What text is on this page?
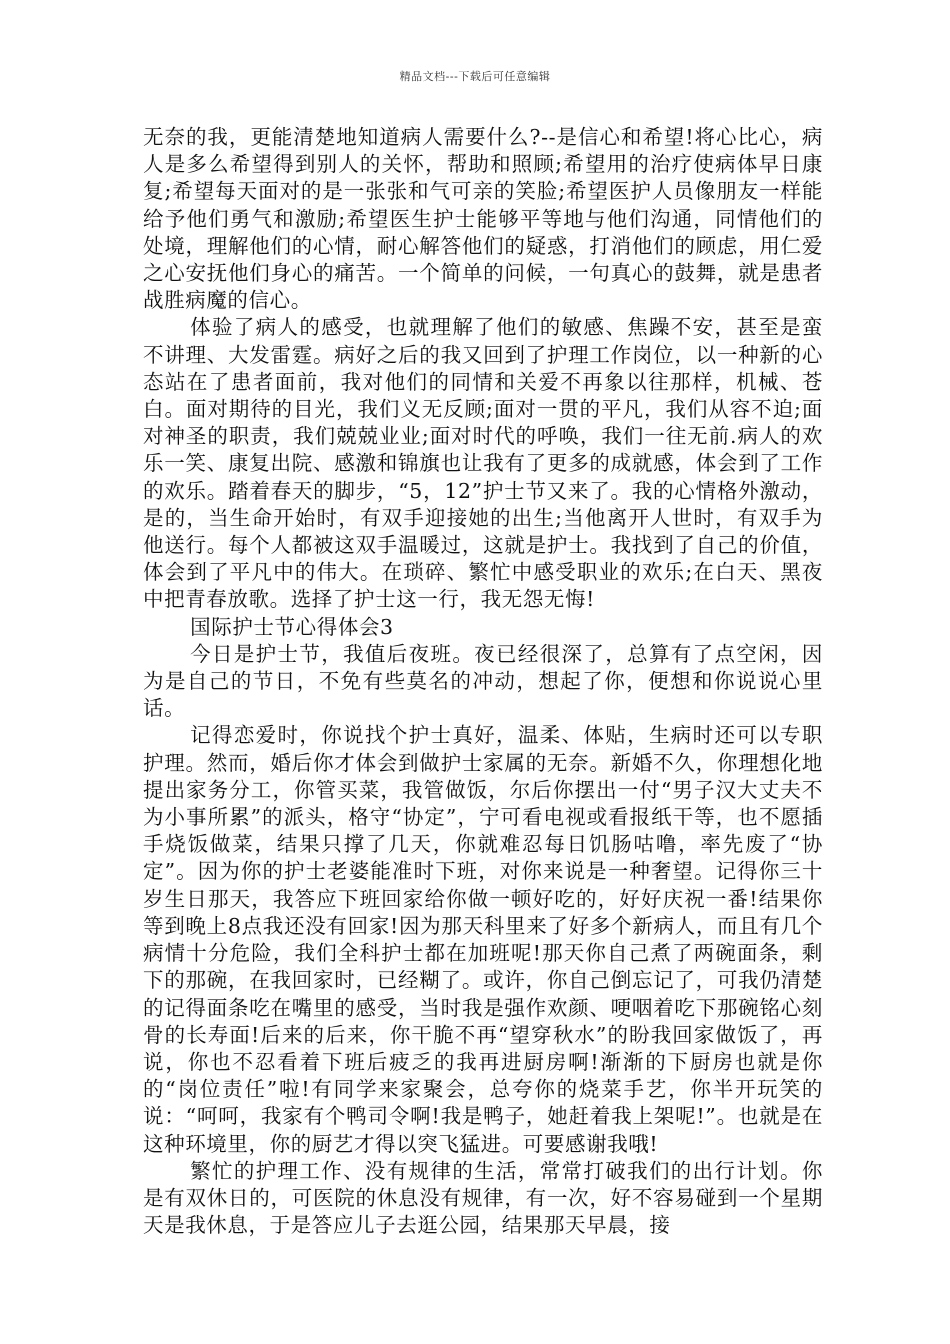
精品文档---下载后可任意编辑

无奈的我，更能清楚地知道病人需要什么?--是信心和希望!将心比心，病人是多么希望得到别人的关怀，帮助和照顾;希望用的治疗使病体早日康复;希望每天面对的是一张张和气可亲的笑脸;希望医护人员像朋友一样能给予他们勇气和激励;希望医生护士能够平等地与他们沟通，同情他们的处境，理解他们的心情，耐心解答他们的疑惑，打消他们的顾虑，用仁爱之心安抚他们身心的痛苦。一个简单的问候，一句真心的鼓舞，就是患者战胜病魔的信心。

体验了病人的感受，也就理解了他们的敏感、焦躁不安，甚至是蛮不讲理、大发雷霆。病好之后的我又回到了护理工作岗位，以一种新的心态站在了患者面前，我对他们的同情和关爱不再象以往那样，机械、苍白。面对期待的目光，我们义无反顾;面对一贯的平凡，我们从容不迫;面对神圣的职责，我们兢兢业业;面对时代的呼唤，我们一往无前.病人的欢乐一笑、康复出院、感激和锦旗也让我有了更多的成就感，体会到了工作的欢乐。踏着春天的脚步，“5，12”护士节又来了。我的心情格外激动，是的，当生命开始时，有双手迎接她的出生;当他离开人世时，有双手为他送行。每个人都被这双手温暖过，这就是护士。我找到了自己的价值，体会到了平凡中的伟大。在琐碎、繁忙中感受职业的欢乐;在白天、黑夜中把青春放歌。选择了护士这一行，我无怨无悔!

国际护士节心得体会3

今日是护士节，我值后夜班。夜已经很深了，总算有了点空闲，因为是自己的节日，不免有些莫名的冲动，想起了你，便想和你说说心里话。

记得恋爱时，你说找个护士真好，温柔、体贴，生病时还可以专职护理。然而，婚后你才体会到做护士家属的无奈。新婚不久，你理想化地提出家务分工，你管买菜，我管做饭，尔后你摆出一付“男子汉大丈夫不为小事所累”的派头，格守“协定”，宁可看电视或看报纸干等，也不愿插手烧饭做菜，结果只撑了几天，你就难忍每日饥肠咕噜，率先废了“协定”。因为你的护士老婆能准时下班，对你来说是一种奢望。记得你三十岁生日那天，我答应下班回家给你做一顿好吃的，好好庆祝一番!结果你等到晚上8点我还没有回家!因为那天科里来了好多个新病人，而且有几个病情十分危险，我们全科护士都在加班呢!那天你自己煮了两碗面条，剩下的那碗，在我回家时，已经糊了。或许，你自己倒忘记了，可我仍清楚的记得面条吃在嘴里的感受，当时我是强作欢颜、哽咽着吃下那碗铭心刻骨的长寿面!后来的后来，你干脆不再“望穿秋水”的盼我回家做饭了，再说，你也不忍看着下班后疲乏的我再进厨房啊!渐渐的下厨房也就是你的“岗位责任”啦!有同学来家聚会，总夸你的烧菜手艺，你半开玩笑的说：“呵呵，我家有个鸭司令啊!我是鸭子，她赶着我上架呢!”。也就是在这种环境里，你的厨艺才得以突飞猛进。可要感谢我哦!

繁忙的护理工作、没有规律的生活，常常打破我们的出行计划。你是有双休日的，可医院的休息没有规律，有一次，好不容易碰到一个星期天是我休息，于是答应儿子去逛公园，结果那天早晨，接
